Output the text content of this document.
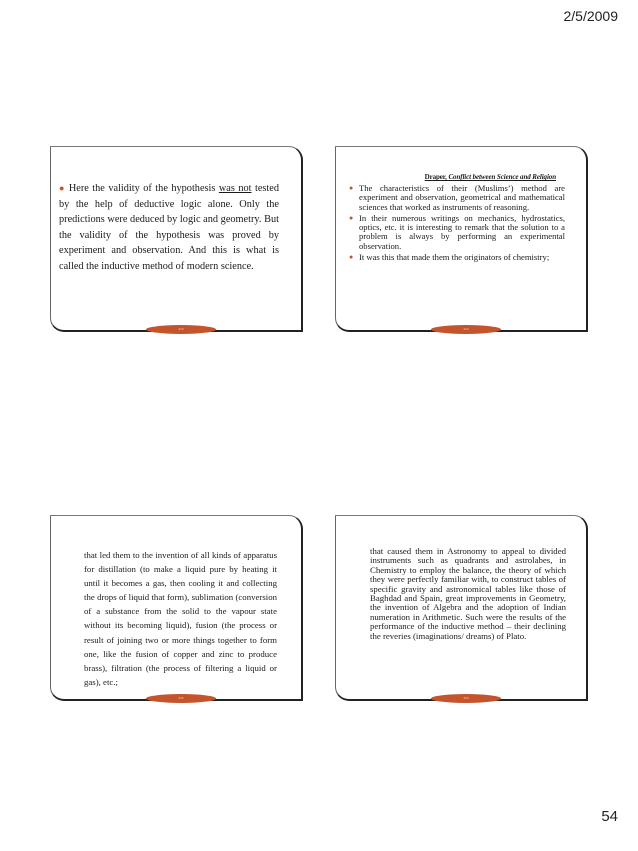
2/5/2009
● Here the validity of the hypothesis was not tested by the help of deductive logic alone. Only the predictions were deduced by logic and geometry. But the validity of the hypothesis was proved by experiment and observation. And this is what is called the inductive method of modern science.
213
Draper, Conflict between Science and Religion
● The characteristics of their (Muslims’) method are experiment and observation, geometrical and mathematical sciences that worked as instruments of reasoning.
● In their numerous writings on mechanics, hydrostatics, optics, etc. it is interesting to remark that the solution to a problem is always by performing an experimental observation.
● It was this that made them the originators of chemistry;
214
that led them to the invention of all kinds of apparatus for distillation (to make a liquid pure by heating it until it becomes a gas, then cooling it and collecting the drops of liquid that form), sublimation (conversion of a substance from the solid to the vapour state without its becoming liquid), fusion (the process or result of joining two or more things together to form one, like the fusion of copper and zinc to produce brass), filtration (the process of filtering a liquid or gas), etc.;
215
that caused them in Astronomy to appeal to divided instruments such as quadrants and astrolabes, in Chemistry to employ the balance, the theory of which they were perfectly familiar with, to construct tables of specific gravity and astronomical tables like those of Baghdad and Spain, great improvements in Geometry, the invention of Algebra and the adoption of Indian numeration in Arithmetic. Such were the results of the performance of the inductive method – their declining the reveries (imaginations/ dreams) of Plato.
216
54
